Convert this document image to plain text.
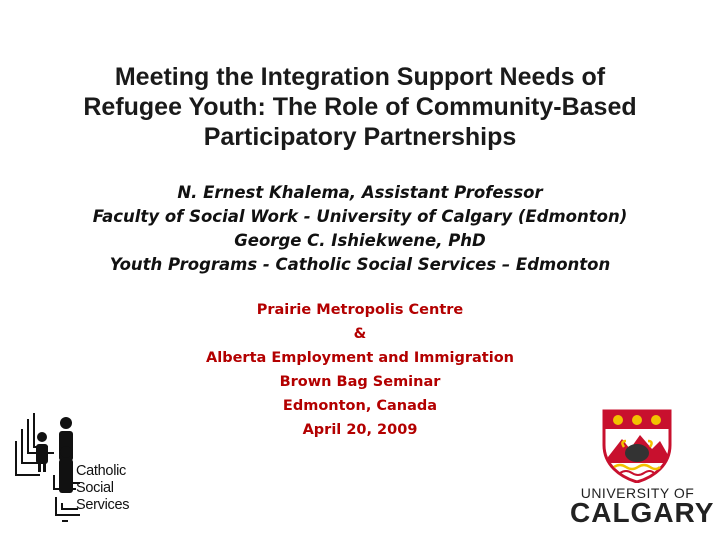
Meeting the Integration Support Needs of
Refugee Youth: The Role of Community-Based
Participatory Partnerships
N. Ernest Khalema, Assistant Professor
Faculty of Social Work - University of Calgary (Edmonton)
George C. Ishiekwene, PhD
Youth Programs - Catholic Social Services – Edmonton
Prairie Metropolis Centre
&
Alberta Employment and Immigration
Brown Bag Seminar
Edmonton, Canada
April 20, 2009
Catholic
Social
Services
UNIVERSITY OF
CALGARY
